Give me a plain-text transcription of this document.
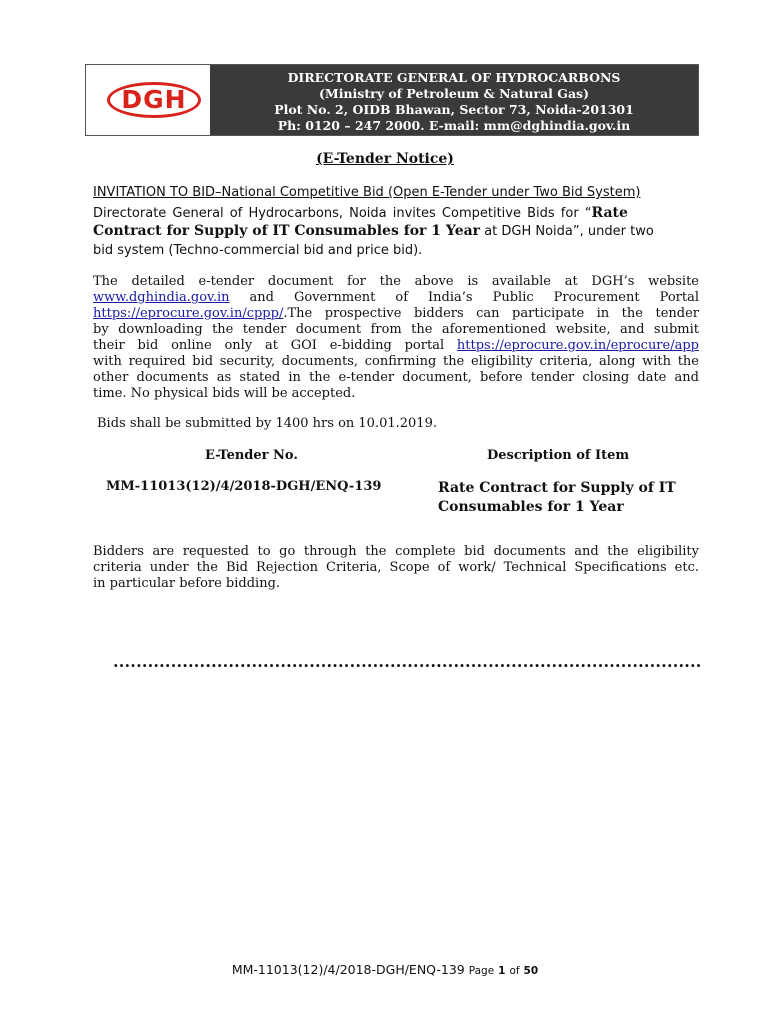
DGH
DIRECTORATE GENERAL OF HYDROCARBONS
(Ministry of Petroleum & Natural Gas)
Plot No. 2, OIDB Bhawan, Sector 73, Noida-201301
Ph: 0120 – 247 2000. E-mail: mm@dghindia.gov.in
(E-Tender Notice)
INVITATION TO BID–National Competitive Bid (Open E-Tender under Two Bid System)
Directorate General of Hydrocarbons, Noida invites Competitive Bids for “Rate
Contract for Supply of IT Consumables for 1 Year at DGH Noida”, under two
bid system (Techno-commercial bid and price bid).
The detailed e-tender document for the above is available at DGH’s website
www.dghindia.gov.in and Government of India’s Public Procurement Portal
https://eprocure.gov.in/cppp/.The prospective bidders can participate in the tender
by downloading the tender document from the aforementioned website, and submit
their bid online only at GOI e-bidding portal https://eprocure.gov.in/eprocure/app
with required bid security, documents, confirming the eligibility criteria, along with the
other documents as stated in the e-tender document, before tender closing date and
time. No physical bids will be accepted.
Bids shall be submitted by 1400 hrs on 10.01.2019.
E-Tender No.	Description of Item
MM-11013(12)/4/2018-DGH/ENQ-139	Rate Contract for Supply of IT
Consumables for 1 Year
Bidders are requested to go through the complete bid documents and the eligibility
criteria under the Bid Rejection Criteria, Scope of work/ Technical Specifications etc.
in particular before bidding.
......................................................................................................
MM-11013(12)/4/2018-DGH/ENQ-139 Page 1 of 50
